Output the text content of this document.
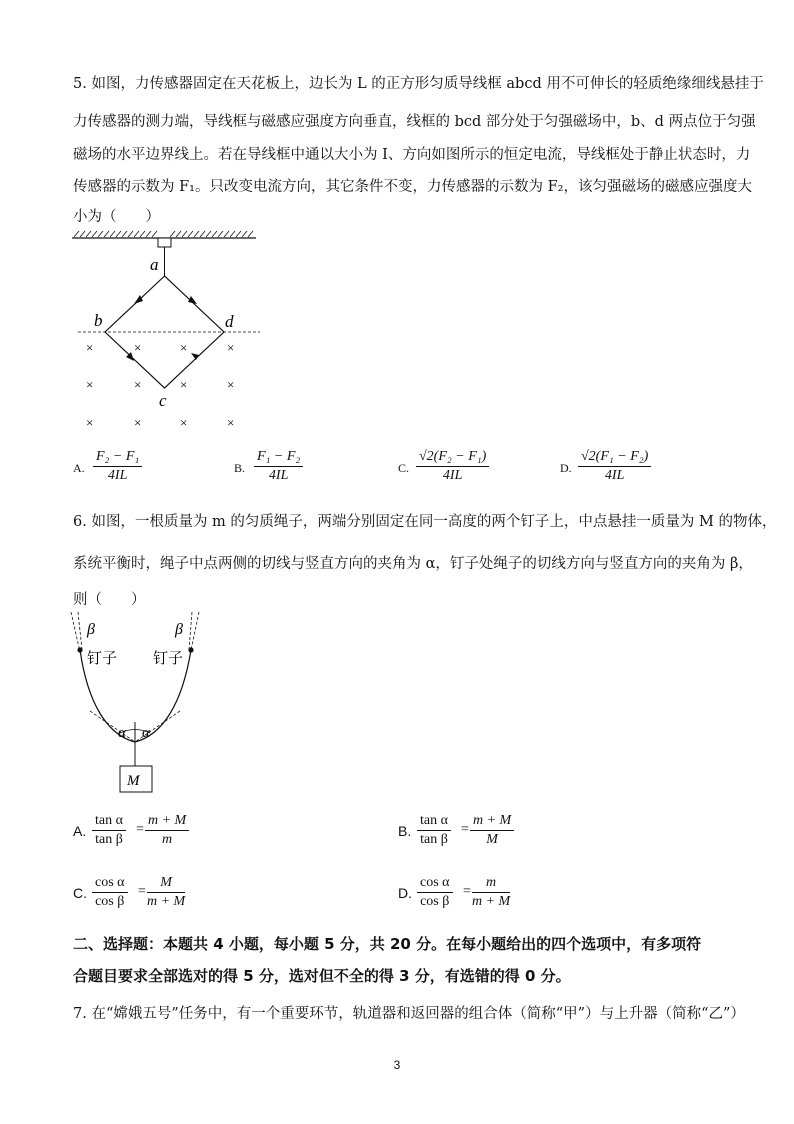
5. 如图，力传感器固定在天花板上，边长为 L 的正方形匀质导线框 abcd 用不可伸长的轻质绝缘细线悬挂于
力传感器的测力端，导线框与磁感应强度方向垂直，线框的 bcd 部分处于匀强磁场中，b、d 两点位于匀强
磁场的水平边界线上。若在导线框中通以大小为 I、方向如图所示的恒定电流，导线框处于静止状态时，力
传感器的示数为 F₁。只改变电流方向，其它条件不变，力传感器的示数为 F₂，该匀强磁场的磁感应强度大
小为（　　）
a
b	d
c
×	×	×	×
×	×	×	×
×	×	×	×
A. $\frac{\text{F₂ − F₁}}{4IL}$	B. $\frac{\text{F₁ − F₂}}{4IL}$	C. $\frac{\text{√2(F₂ − F₁)}}{4IL}$	D. $\frac{\text{√2(F₁ − F₂)}}{4IL}$
6. 如图，一根质量为 m 的匀质绳子，两端分别固定在同一高度的两个钉子上，中点悬挂一质量为 M 的物体，
系统平衡时，绳子中点两侧的切线与竖直方向的夹角为 α，钉子处绳子的切线方向与竖直方向的夹角为 β，
则（　　）
M
β	β
α α
钉子 钉子
A. $\frac{\text{tan α}}{\text{tan β}} = \frac{m + M}{m}$	B. $\frac{\text{tan α}}{\text{tan β}} = \frac{m + M}{M}$
C. $\frac{\text{cos α}}{\text{cos β}} = \frac{M}{m + M}$	D. $\frac{\text{cos α}}{\text{cos β}} = \frac{m}{m + M}$
二、选择题：本题共 4 小题，每小题 5 分，共 20 分。在每小题给出的四个选项中，有多项符
合题目要求全部选对的得 5 分，选对但不全的得 3 分，有选错的得 0 分。
7. 在“嫦娥五号”任务中，有一个重要环节，轨道器和返回器的组合体（简称“甲”）与上升器（简称“乙”）
3
